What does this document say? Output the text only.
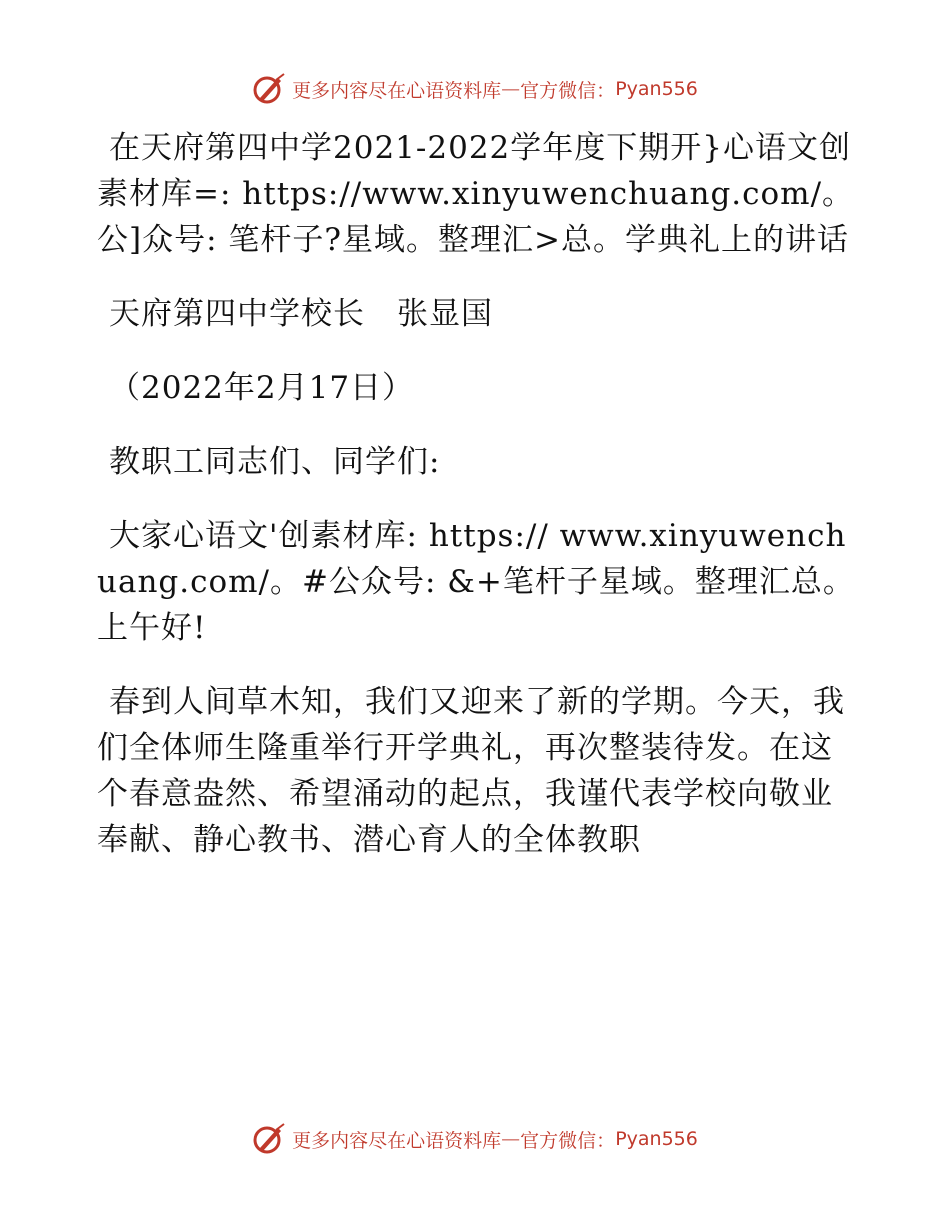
更多内容尽在心语资料库 — 官方微信： Pyan556

在天府第四中学2021-2022学年度下期开}心语文创素材库=: https://www.xinyuwenchuang.com/。公]众号: 笔杆子?星域。整理汇>总。学典礼上的讲话

天府第四中学校长　张显国

（2022年2月17日）

教职工同志们、同学们:

大家心语文'创素材库: https:// www.xinyuwenchuang.com/。#公众号: &+笔杆子星域。整理汇总。上午好!

春到人间草木知，我们又迎来了新的学期。今天，我们全体师生隆重举行开学典礼，再次整装待发。在这个春意盎然、希望涌动的起点，我谨代表学校向敬业奉献、静心教书、潜心育人的全体教职

更多内容尽在心语资料库 — 官方微信： Pyan556
